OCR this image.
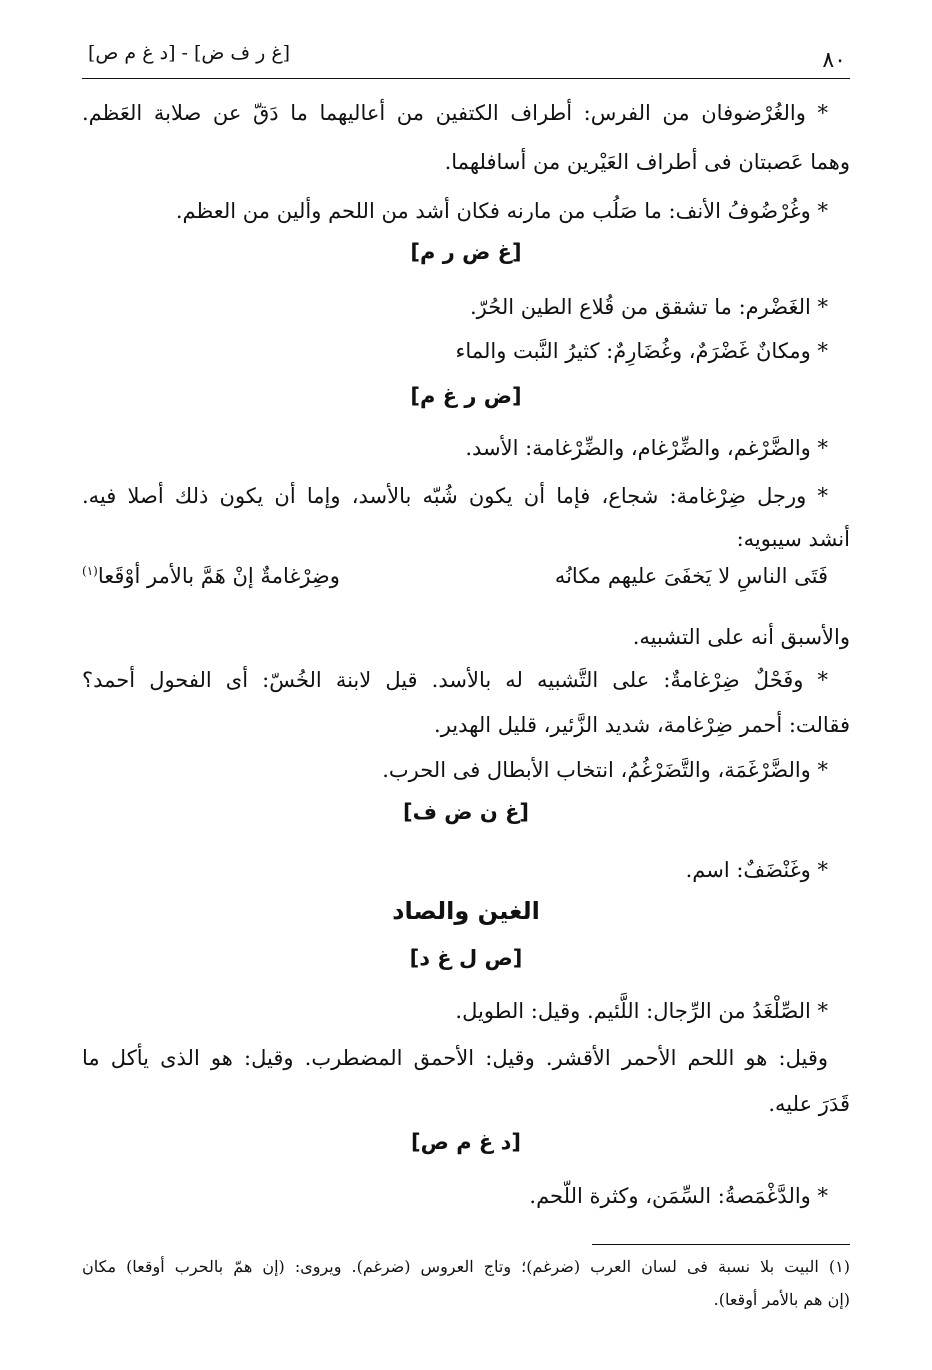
٨٠
[غ ر ف ض] - [د غ م ص]
* والغُرْضوفان من الفرس: أطراف الكتفين من أعاليهما ما دَقّ عن صلابة العَظم.
وهما عَصبتان فى أطراف العَيْرين من أسافلهما.
* وغُرْضُوفُ الأنف: ما صَلُب من مارنه فكان أشد من اللحم وألين من العظم.
[غ ض ر م]
* الغَضْرم: ما تشقق من قُلاع الطين الحُرّ.
* ومكانٌ غَضْرَمٌ، وغُضَارِمٌ: كثيرُ النَّبت والماء
[ض ر غ م]
* والضَّرْغم، والضِّرْغام، والضِّرْغامة: الأسد.
* ورجل ضِرْغامة: شجاع، فإما أن يكون شُبّه بالأسد، وإما أن يكون ذلك أصلا فيه.
أنشد سيبويه:
فَتَى الناسِ لا يَخفَىَ عليهم مكانُه
وضِرْغامةٌ إنْ هَمَّ بالأمر أوْقَعا$^{(١)}$
والأسبق أنه على التشبيه.
* وفَحْلٌ ضِرْغامةٌ: على التَّشبيه له بالأسد. قيل لابنة الخُسّ: أى الفحول أحمد؟
فقالت: أحمر ضِرْغامة، شديد الزَّئير، قليل الهدير.
* والضَّرْغَمَة، والتَّضَرْغُمُ، انتخاب الأبطال فى الحرب.
[غ ن ض ف]
* وغَنْضَفٌ: اسم.
الغين والصاد
[ص ل غ د]
* الصِّلْغَدُ من الرِّجال: اللَّئيم. وقيل: الطويل.
وقيل: هو اللحم الأحمر الأقشر. وقيل: الأحمق المضطرب. وقيل: هو الذى يأكل ما
قَدَرَ عليه.
[د غ م ص]
* والدَّغْمَصةُ: السِّمَن، وكثرة اللّحم.
(١) البيت بلا نسبة فى لسان العرب (ضرغم)؛ وتاج العروس (ضرغم). ويروى: (إن همّ بالحرب أوقعا) مكان
(إن هم بالأمر أوقعا).
